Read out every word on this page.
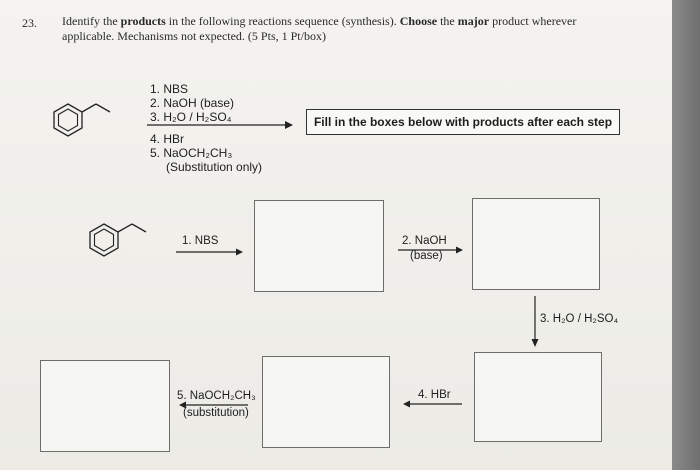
23. Identify the products in the following reactions sequence (synthesis). Choose the major product wherever
applicable. Mechanisms not expected. (5 Pts, 1 Pt/box)
1. NBS
2. NaOH (base)
3. H₂O / H₂SO₄
4. HBr
5. NaOCH₂CH₃
(Substitution only)
Fill in the boxes below with products after each step
1. NBS	2. NaOH
(base)
3. H₂O / H₂SO₄
5. NaOCH₂CH₃
(substitution)
4. HBr
